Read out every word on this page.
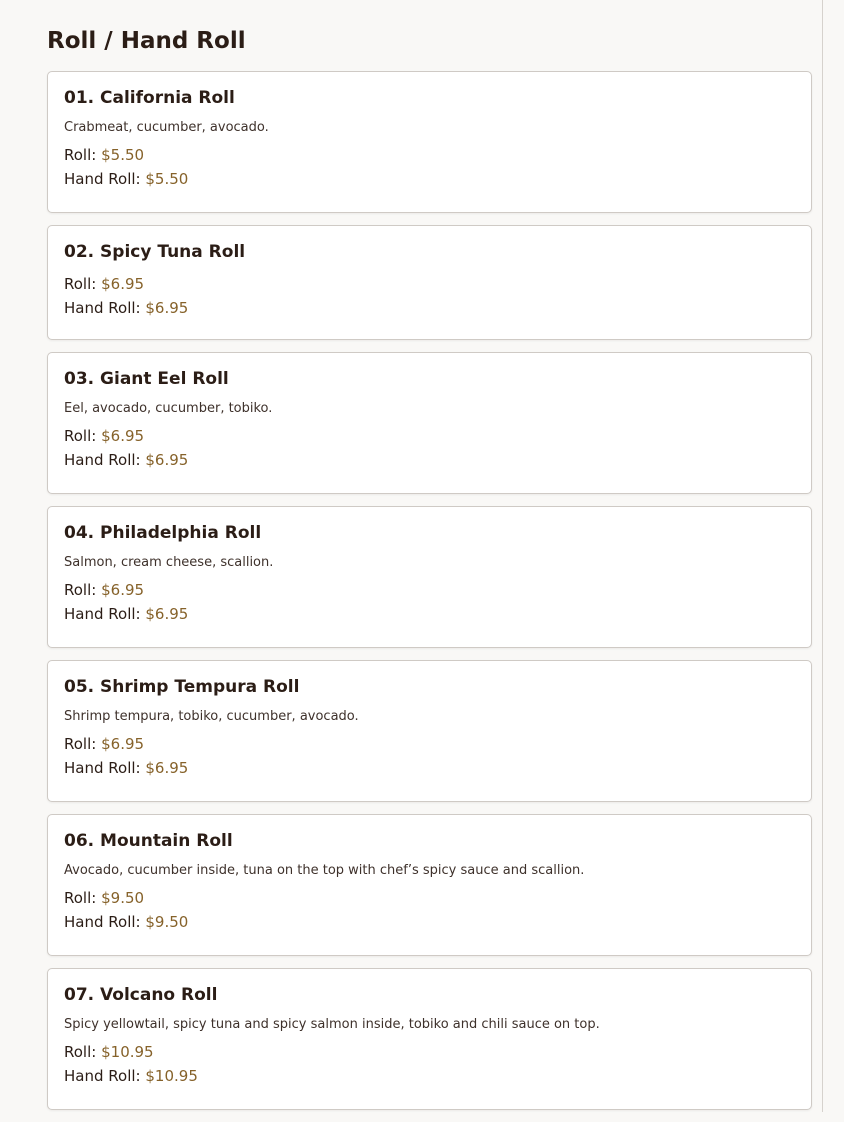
Roll / Hand Roll
01. California Roll

Crabmeat, cucumber, avocado.

Roll: $5.50
Hand Roll: $5.50
02. Spicy Tuna Roll
Roll: $6.95
Hand Roll: $6.95
03. Giant Eel Roll

Eel, avocado, cucumber, tobiko.

Roll: $6.95
Hand Roll: $6.95
04. Philadelphia Roll

Salmon, cream cheese, scallion.

Roll: $6.95
Hand Roll: $6.95
05. Shrimp Tempura Roll

Shrimp tempura, tobiko, cucumber, avocado.

Roll: $6.95
Hand Roll: $6.95
06. Mountain Roll

Avocado, cucumber inside, tuna on the top with chef’s spicy sauce and scallion.

Roll: $9.50
Hand Roll: $9.50
07. Volcano Roll

Spicy yellowtail, spicy tuna and spicy salmon inside, tobiko and chili sauce on top.

Roll: $10.95
Hand Roll: $10.95
